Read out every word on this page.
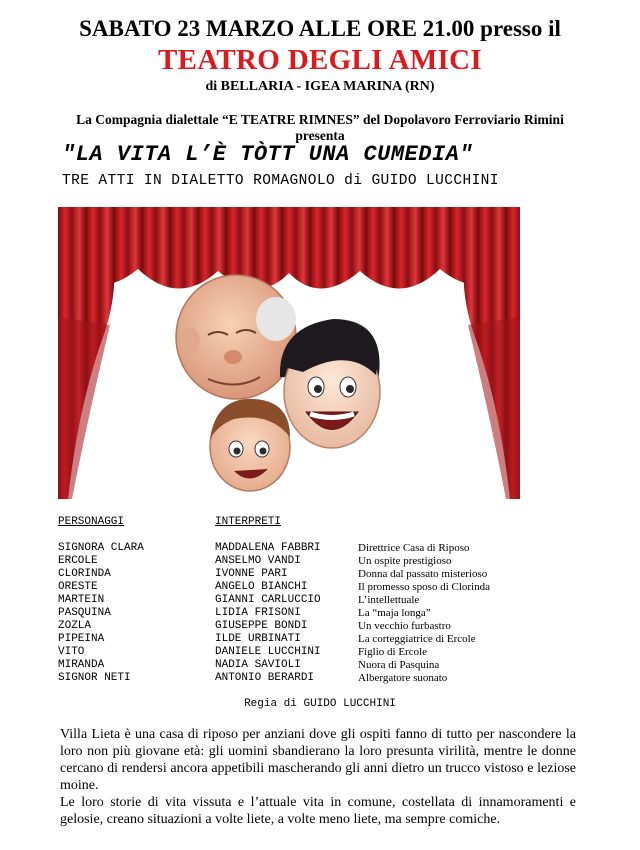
SABATO 23 MARZO ALLE ORE 21.00 presso il
TEATRO DEGLI AMICI
di BELLARIA - IGEA MARINA (RN)
La Compagnia dialettale “E TEATRE RIMNES” del Dopolavoro Ferroviario Rimini
presenta
"LA VITA L’È TÒTT UNA CUMEDIA"
TRE ATTI IN DIALETTO ROMAGNOLO di GUIDO LUCCHINI
PERSONAGGI	INTERPRETI
SIGNORA CLARA	MADDALENA FABBRI	Direttrice Casa di Riposo
ERCOLE	ANSELMO VANDI	Un ospite prestigioso
CLORINDA	IVONNE PARI	Donna dal passato misterioso
ORESTE	ANGELO BIANCHI	Il promesso sposo di Clorinda
MARTEIN	GIANNI CARLUCCIO	L’intellettuale
PASQUINA	LIDIA FRISONI	La “maja longa”
ZOZLA	GIUSEPPE BONDI	Un vecchio furbastro
PIPEINA	ILDE URBINATI	La corteggiatrice di Ercole
VITO	DANIELE LUCCHINI	Figlio di Ercole
MIRANDA	NADIA SAVIOLI	Nuora di Pasquina
SIGNOR NETI	ANTONIO BERARDI	Albergatore suonato
Regia di GUIDO LUCCHINI

Villa Lieta è una casa di riposo per anziani dove gli ospiti fanno di tutto per nascondere la loro non più giovane età: gli uomini sbandierano la loro presunta virilità, mentre le donne cercano di rendersi ancora appetibili mascherando gli anni dietro un trucco vistoso e leziose moine.

Le loro storie di vita vissuta e l’attuale vita in comune, costellata di innamoramenti e gelosie, creano situazioni a volte liete, a volte meno liete, ma sempre comiche.
